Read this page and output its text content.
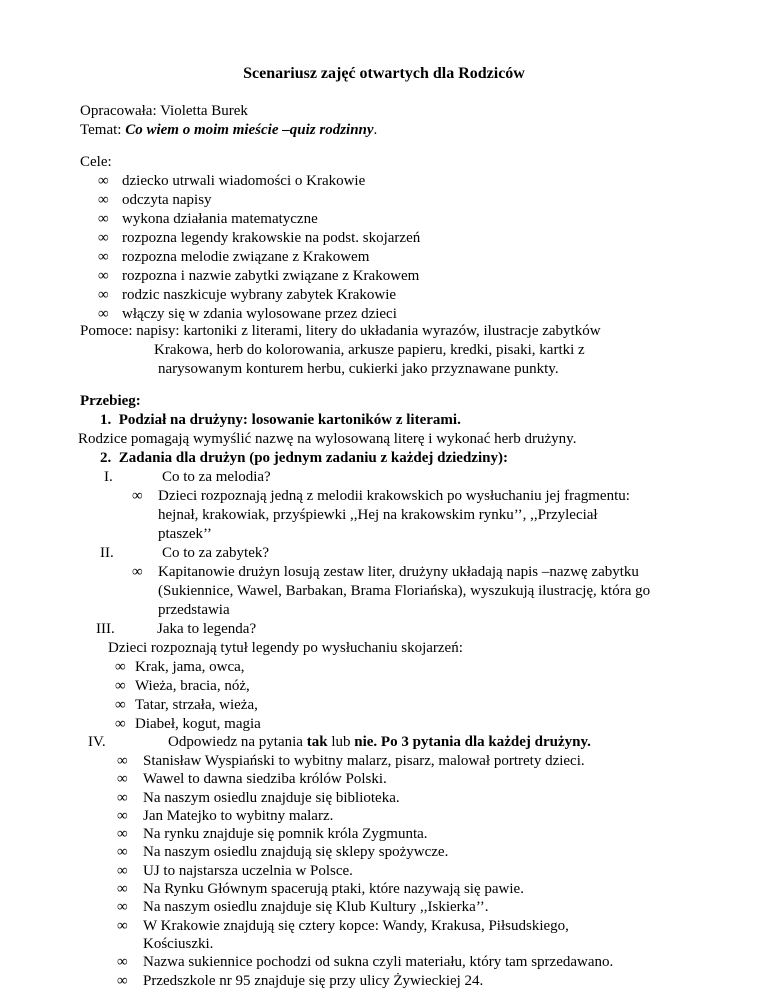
Scenariusz zajęć otwartych dla Rodziców
Opracowała: Violetta Burek
Temat: Co wiem o moim mieście –quiz rodzinny.
Cele:
∞ dziecko utrwali wiadomości o Krakowie
∞ odczyta napisy
∞ wykona działania matematyczne
∞ rozpozna legendy krakowskie na podst. skojarzeń
∞ rozpozna melodie związane z Krakowem
∞ rozpozna i nazwie zabytki związane z Krakowem
∞ rodzic naszkicuje wybrany zabytek Krakowie
∞ włączy się w zdania wylosowane przez dzieci
Pomoce: napisy: kartoniki z literami, litery do układania wyrazów, ilustracje zabytków
Krakowa, herb do kolorowania, arkusze papieru, kredki, pisaki, kartki z
narysowanym konturem herbu, cukierki jako przyznawane punkty.
Przebieg:
1. Podział na drużyny: losowanie kartoników z literami.
Rodzice pomagają wymyślić nazwę na wylosowaną literę i wykonać herb drużyny.
2. Zadania dla drużyn (po jednym zadaniu z każdej dziedziny):
I.	Co to za melodia?
∞	Dzieci rozpoznają jedną z melodii krakowskich po wysłuchaniu jej fragmentu:
hejnał, krakowiak, przyśpiewki ,,Hej na krakowskim rynku’’, ,,Przyleciał
ptaszek’’
II.	Co to za zabytek?
∞	Kapitanowie drużyn losują zestaw liter, drużyny układają napis –nazwę zabytku
(Sukiennice, Wawel, Barbakan, Brama Floriańska), wyszukują ilustrację, która go
przedstawia
III.	Jaka to legenda?
Dzieci rozpoznają tytuł legendy po wysłuchaniu skojarzeń:
∞ Krak, jama, owca,
∞ Wieża, bracia, nóż,
∞ Tatar, strzała, wieża,
∞ Diabeł, kogut, magia
IV.	Odpowiedz na pytania tak lub nie. Po 3 pytania dla każdej drużyny.
∞ Stanisław Wyspiański to wybitny malarz, pisarz, malował portrety dzieci.
∞ Wawel to dawna siedziba królów Polski.
∞ Na naszym osiedlu znajduje się biblioteka.
∞ Jan Matejko to wybitny malarz.
∞ Na rynku znajduje się pomnik króla Zygmunta.
∞ Na naszym osiedlu znajdują się sklepy spożywcze.
∞ UJ to najstarsza uczelnia w Polsce.
∞ Na Rynku Głównym spacerują ptaki, które nazywają się pawie.
∞ Na naszym osiedlu znajduje się Klub Kultury ,,Iskierka’’.
∞ W Krakowie znajdują się cztery kopce: Wandy, Krakusa, Piłsudskiego,
Kościuszki.
∞ Nazwa sukiennice pochodzi od sukna czyli materiału, który tam sprzedawano.
∞ Przedszkole nr 95 znajduje się przy ulicy Żywieckiej 24.
